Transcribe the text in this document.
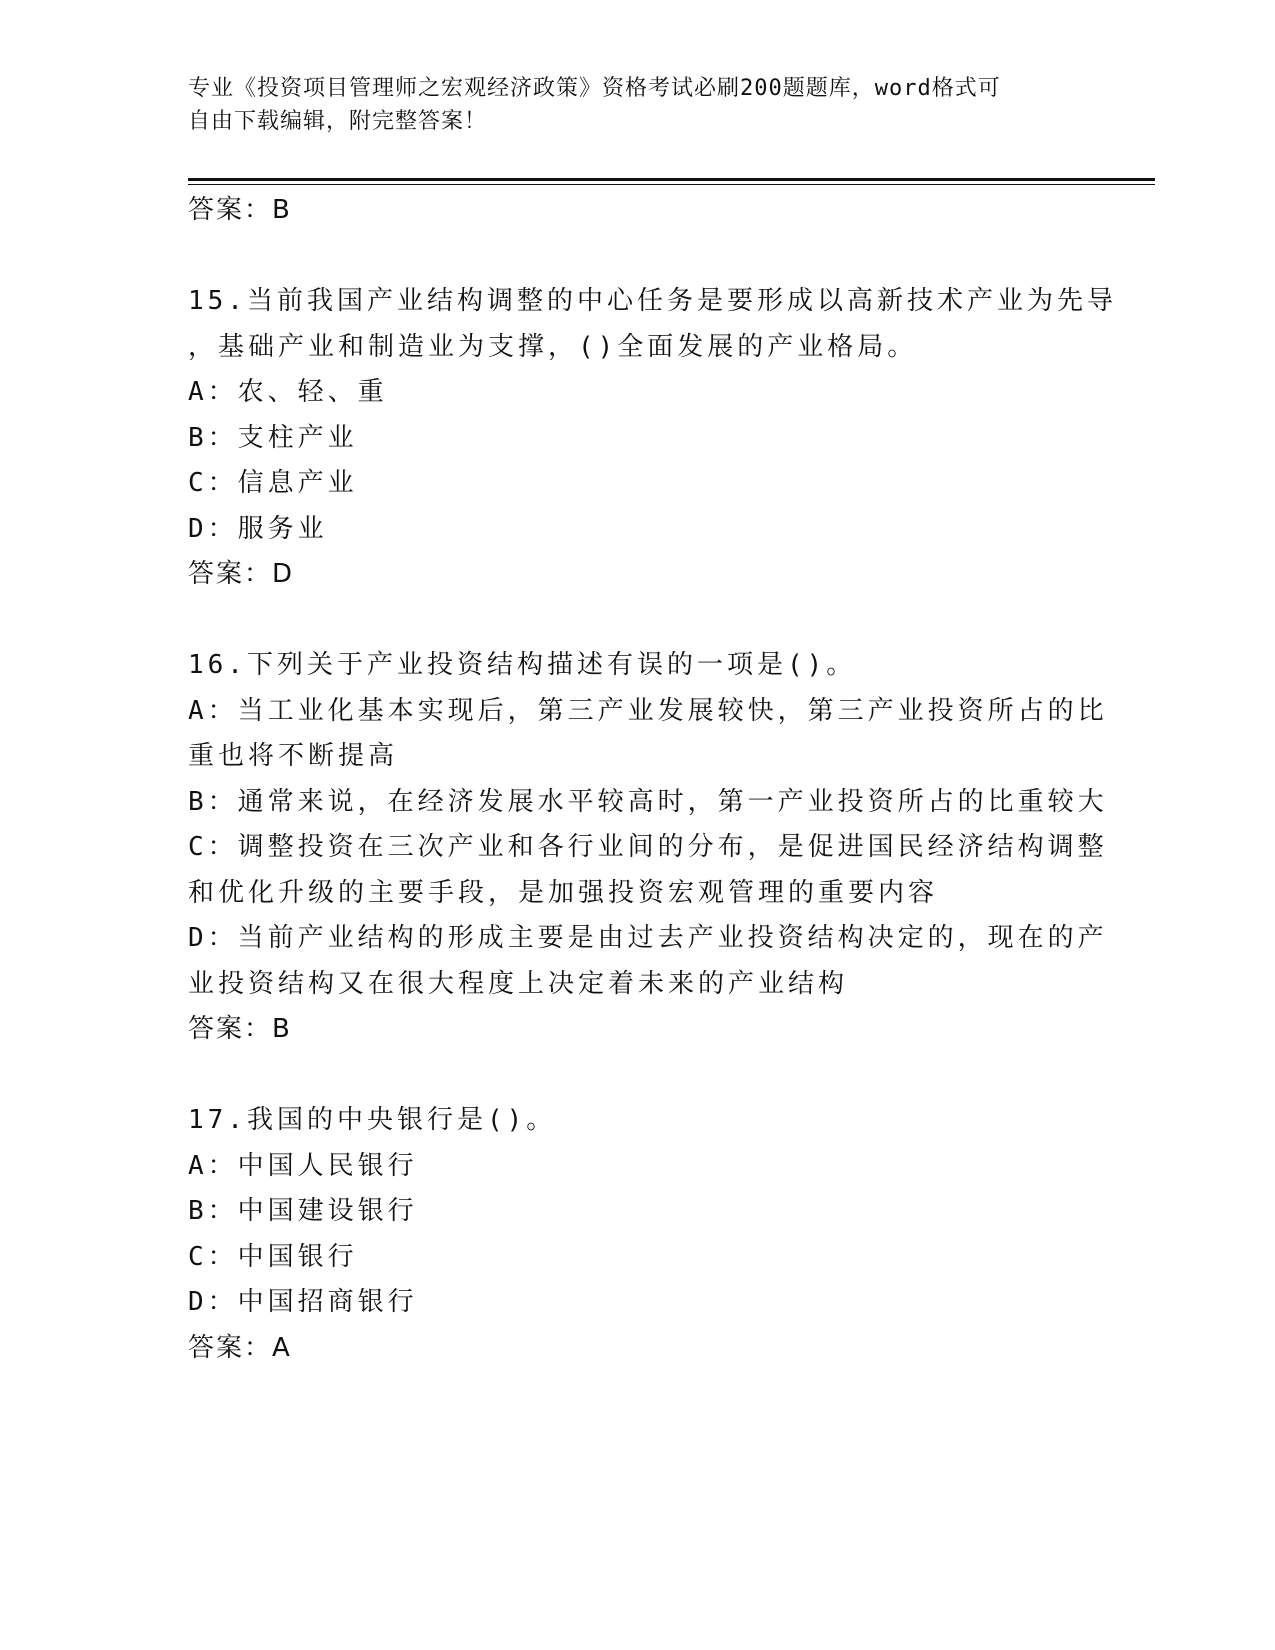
专业《投资项目管理师之宏观经济政策》资格考试必刷200题题库，word格式可
自由下载编辑，附完整答案！
答案：B
15.当前我国产业结构调整的中心任务是要形成以高新技术产业为先导
，基础产业和制造业为支撑，()全面发展的产业格局。
A：农、轻、重
B：支柱产业
C：信息产业
D：服务业
答案：D
16.下列关于产业投资结构描述有误的一项是()。
A：当工业化基本实现后，第三产业发展较快，第三产业投资所占的比
重也将不断提高
B：通常来说，在经济发展水平较高时，第一产业投资所占的比重较大
C：调整投资在三次产业和各行业间的分布，是促进国民经济结构调整
和优化升级的主要手段，是加强投资宏观管理的重要内容
D：当前产业结构的形成主要是由过去产业投资结构决定的，现在的产
业投资结构又在很大程度上决定着未来的产业结构
答案：B
17.我国的中央银行是()。
A：中国人民银行
B：中国建设银行
C：中国银行
D：中国招商银行
答案：A
